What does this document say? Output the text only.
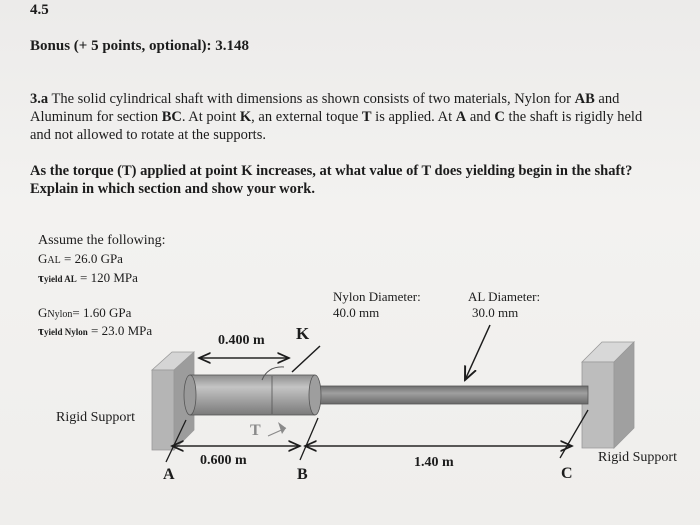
4.5
Bonus (+ 5 points, optional): 3.148
3.a The solid cylindrical shaft with dimensions as shown consists of two materials, Nylon for AB and Aluminum for section BC. At point K, an external toque T is applied. At A and C the shaft is rigidly held and not allowed to rotate at the supports.
As the torque (T) applied at point K increases, at what value of T does yielding begin in the shaft? Explain in which section and show your work.
Assume the following:
GAL = 26.0 GPa
τyield AL = 120 MPa
GNylon= 1.60 GPa
τyield Nylon = 23.0 MPa
Nylon Diameter:
40.0 mm
AL Diameter:
30.0 mm
0.400 m K
Rigid Support
Rigid Support
T
0.600 m	1.40 m
A	B	C
